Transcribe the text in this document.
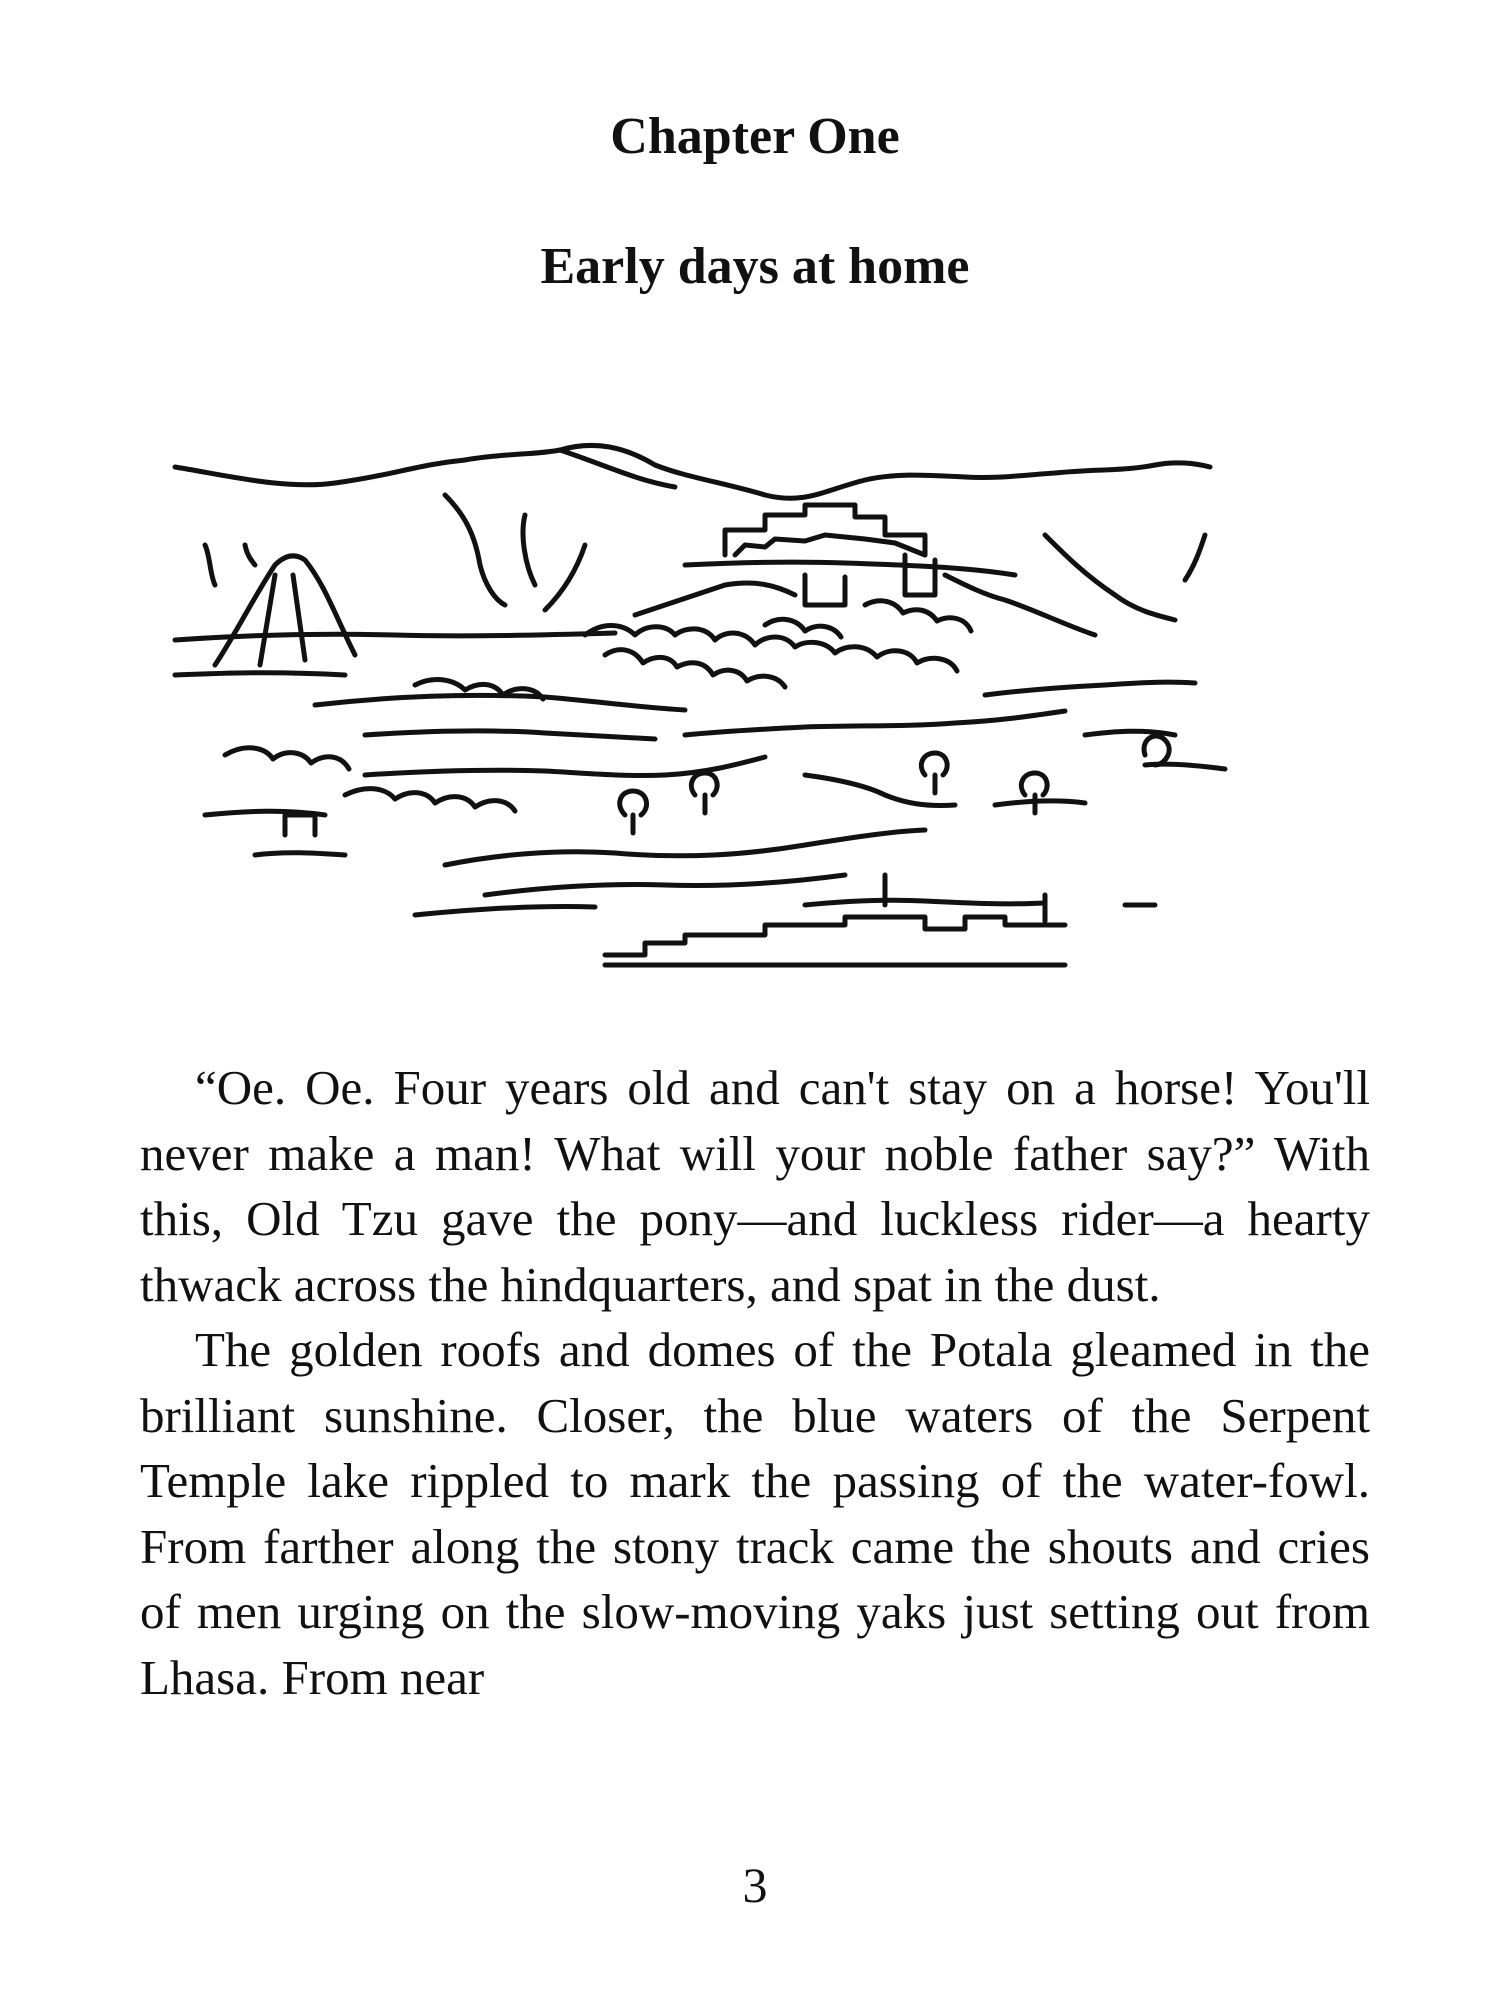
Chapter One
Early days at home

“Oe. Oe. Four years old and can't stay on a horse! You'll never make a man! What will your noble father say?” With this, Old Tzu gave the pony—and luckless rider—a hearty thwack across the hindquarters, and spat in the dust.

The golden roofs and domes of the Potala gleamed in the brilliant sunshine. Closer, the blue waters of the Serpent Temple lake rippled to mark the passing of the water-fowl. From farther along the stony track came the shouts and cries of men urging on the slow-moving yaks just setting out from Lhasa. From near

3
